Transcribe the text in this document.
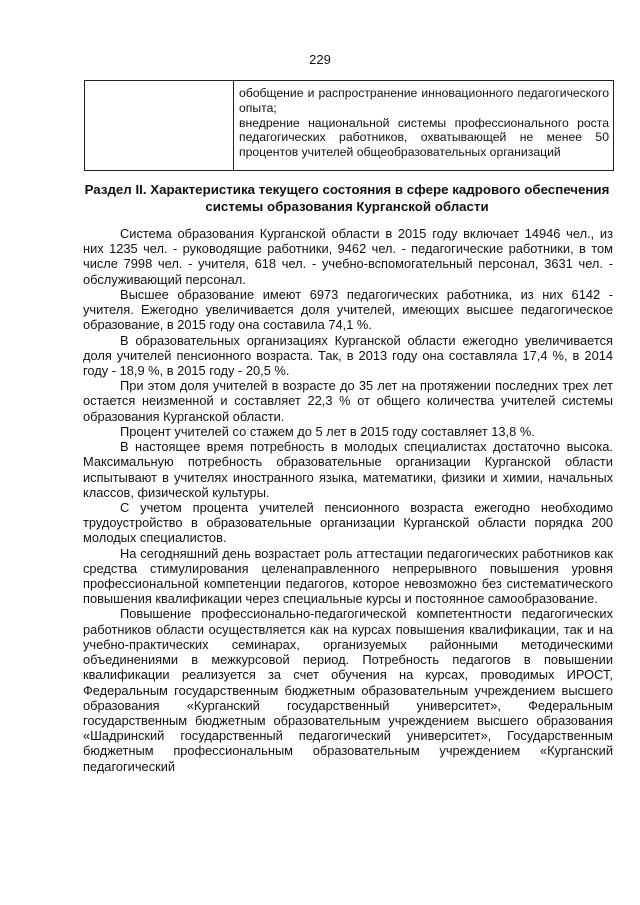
229

обобщение и распространение инновационного педагогического опыта;

внедрение национальной системы профессионального роста педагогических работников, охватывающей не менее 50 процентов учителей общеобразовательных организаций

Раздел II. Характеристика текущего состояния в сфере кадрового обеспечения системы образования Курганской области

Система образования Курганской области в 2015 году включает 14946 чел., из них 1235 чел. - руководящие работники, 9462 чел. - педагогические работники, в том числе 7998 чел. - учителя, 618 чел. - учебно-вспомогательный персонал, 3631 чел. - обслуживающий персонал.

Высшее образование имеют 6973 педагогических работника, из них 6142 - учителя. Ежегодно увеличивается доля учителей, имеющих высшее педагогическое образование, в 2015 году она составила 74,1 %.

В образовательных организациях Курганской области ежегодно увеличивается доля учителей пенсионного возраста. Так, в 2013 году она составляла 17,4 %, в 2014 году - 18,9 %, в 2015 году - 20,5 %.

При этом доля учителей в возрасте до 35 лет на протяжении последних трех лет остается неизменной и составляет 22,3 % от общего количества учителей системы образования Курганской области.

Процент учителей со стажем до 5 лет в 2015 году составляет 13,8 %.

В настоящее время потребность в молодых специалистах достаточно высока. Максимальную потребность образовательные организации Курганской области испытывают в учителях иностранного языка, математики, физики и химии, начальных классов, физической культуры.

С учетом процента учителей пенсионного возраста ежегодно необходимо трудоустройство в образовательные организации Курганской области порядка 200 молодых специалистов.

На сегодняшний день возрастает роль аттестации педагогических работников как средства стимулирования целенаправленного непрерывного повышения уровня профессиональной компетенции педагогов, которое невозможно без систематического повышения квалификации через специальные курсы и постоянное самообразование.

Повышение профессионально-педагогической компетентности педагогических работников области осуществляется как на курсах повышения квалификации, так и на учебно-практических семинарах, организуемых районными методическими объединениями в межкурсовой период. Потребность педагогов в повышении квалификации реализуется за счет обучения на курсах, проводимых ИРОСТ, Федеральным государственным бюджетным образовательным учреждением высшего образования «Курганский государственный университет», Федеральным государственным бюджетным образовательным учреждением высшего образования «Шадринский государственный педагогический университет», Государственным бюджетным профессиональным образовательным учреждением «Курганский педагогический
